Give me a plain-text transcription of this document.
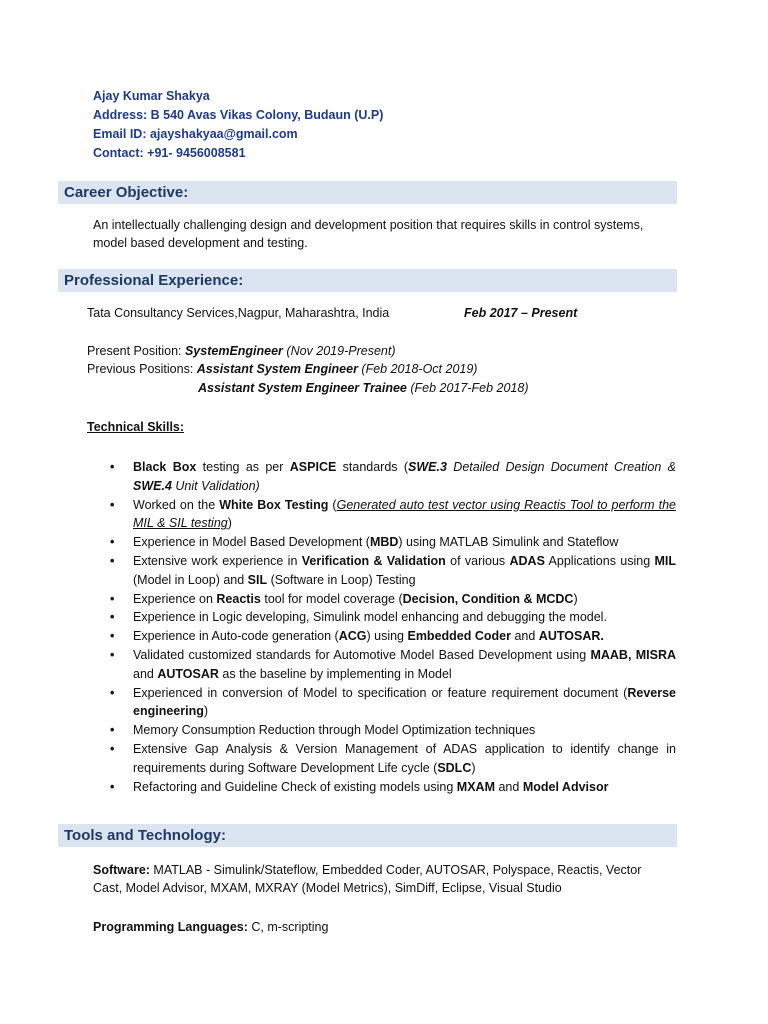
Ajay Kumar Shakya
Address: B 540 Avas Vikas Colony, Budaun (U.P)
Email ID: ajayshakyaa@gmail.com
Contact: +91- 9456008581
Career Objective:
An intellectually challenging design and development position that requires skills in control systems,
model based development and testing.
Professional Experience:
Tata Consultancy Services,Nagpur, Maharashtra, India	Feb 2017 – Present
Present Position: SystemEngineer (Nov 2019-Present)
Previous Positions: Assistant System Engineer (Feb 2018-Oct 2019)
Assistant System Engineer Trainee (Feb 2017-Feb 2018)
Technical Skills:
• Black Box testing as per ASPICE standards (SWE.3 Detailed Design Document Creation & SWE.4 Unit Validation)
• Worked on the White Box Testing (Generated auto test vector using Reactis Tool to perform the MIL & SIL testing)
• Experience in Model Based Development (MBD) using MATLAB Simulink and Stateflow
• Extensive work experience in Verification & Validation of various ADAS Applications using MIL (Model in Loop) and SIL (Software in Loop) Testing
• Experience on Reactis tool for model coverage (Decision, Condition & MCDC)
• Experience in Logic developing, Simulink model enhancing and debugging the model.
• Experience in Auto-code generation (ACG) using Embedded Coder and AUTOSAR.
• Validated customized standards for Automotive Model Based Development using MAAB, MISRA and AUTOSAR as the baseline by implementing in Model
• Experienced in conversion of Model to specification or feature requirement document (Reverse engineering)
• Memory Consumption Reduction through Model Optimization techniques
• Extensive Gap Analysis & Version Management of ADAS application to identify change in requirements during Software Development Life cycle (SDLC)
• Refactoring and Guideline Check of existing models using MXAM and Model Advisor
Tools and Technology:
Software: MATLAB - Simulink/Stateflow, Embedded Coder, AUTOSAR, Polyspace, Reactis, Vector
Cast, Model Advisor, MXAM, MXRAY (Model Metrics), SimDiff, Eclipse, Visual Studio
Programming Languages: C, m-scripting
